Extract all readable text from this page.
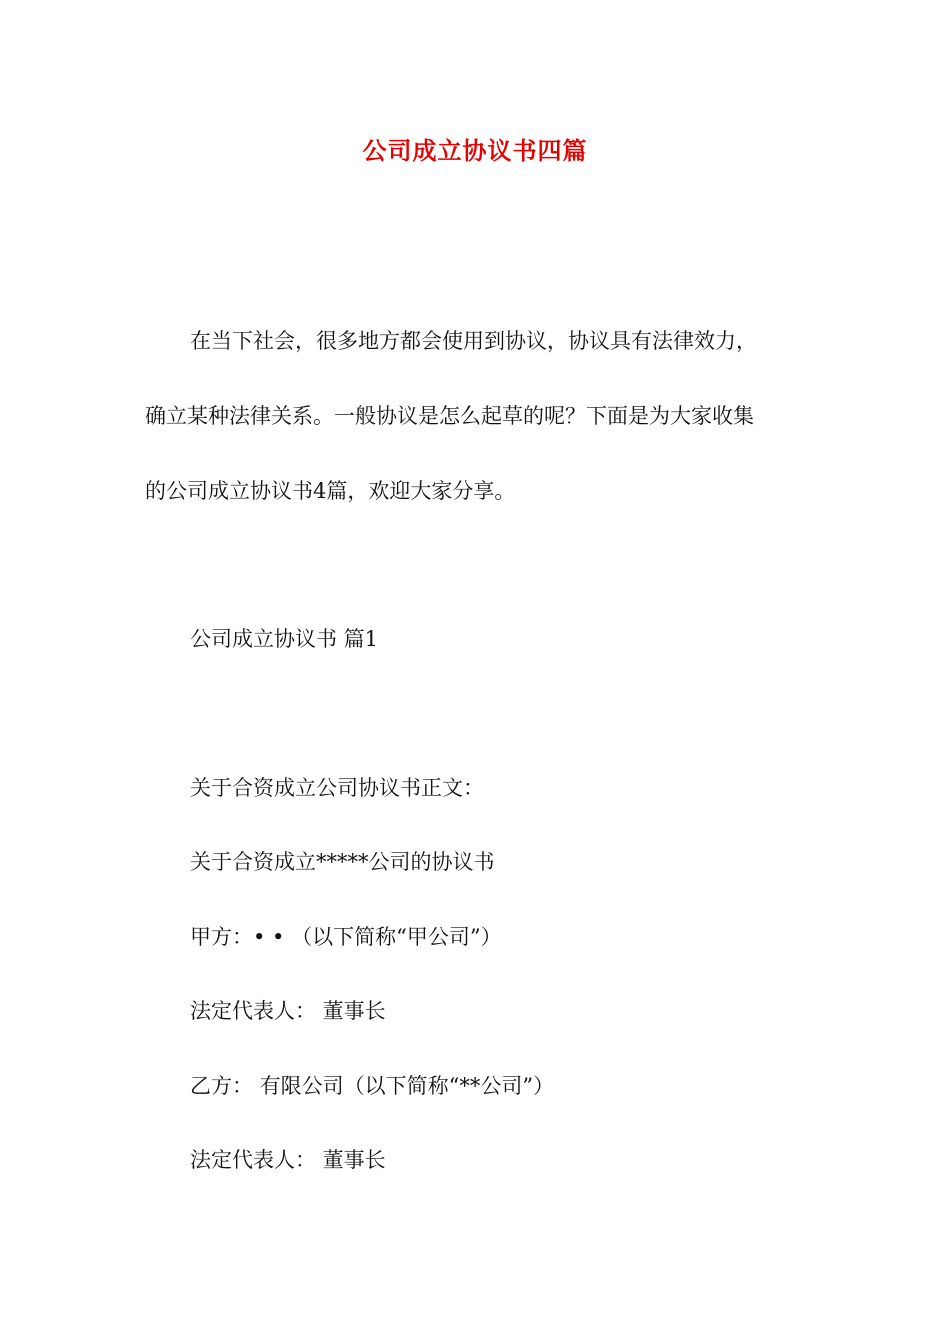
公司成立协议书四篇
在当下社会，很多地方都会使用到协议，协议具有法律效力，
确立某种法律关系。一般协议是怎么起草的呢？下面是为大家收集
的公司成立协议书4篇，欢迎大家分享。
公司成立协议书 篇1
关于合资成立公司协议书正文：
关于合资成立*****公司的协议书
甲方：• • （以下简称“甲公司”）
法定代表人： 董事长
乙方： 有限公司（以下简称“**公司”）
法定代表人： 董事长
